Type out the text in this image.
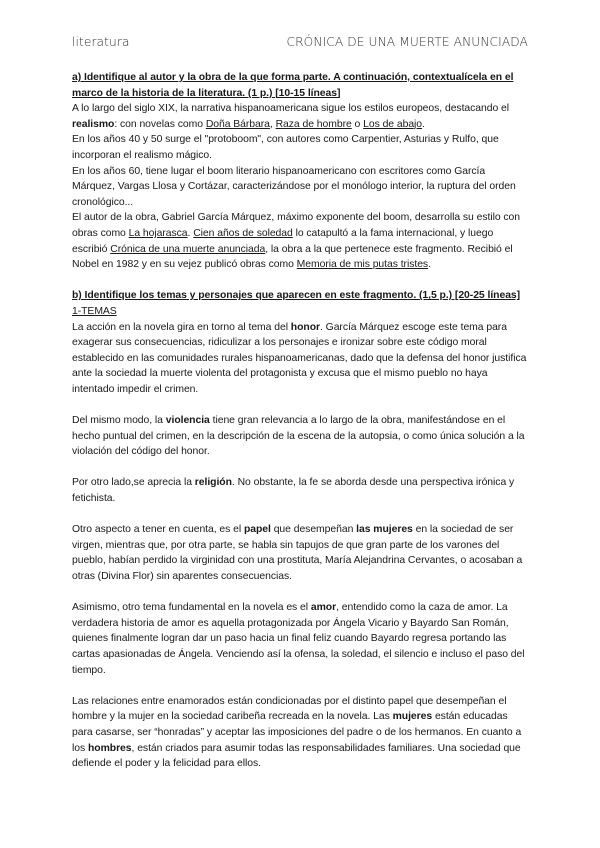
literatura	CRÓNICA DE UNA MUERTE ANUNCIADA

a) Identifique al autor y la obra de la que forma parte. A continuación, contextualícela en el marco de la historia de la literatura. (1 p.) [10-15 líneas]

A lo largo del siglo XIX, la narrativa hispanoamericana sigue los estilos europeos, destacando el realismo: con novelas como Doña Bárbara, Raza de hombre o Los de abajo.

En los años 40 y 50 surge el "protoboom", con autores como Carpentier, Asturias y Rulfo, que incorporan el realismo mágico.

En los años 60, tiene lugar el boom literario hispanoamericano con escritores como García Márquez, Vargas Llosa y Cortázar, caracterizándose por el monólogo interior, la ruptura del orden cronológico...

El autor de la obra, Gabriel García Márquez, máximo exponente del boom, desarrolla su estilo con obras como La hojarasca. Cien años de soledad lo catapultó a la fama internacional, y luego escribió Crónica de una muerte anunciada, la obra a la que pertenece este fragmento. Recibió el Nobel en 1982 y en su vejez publicó obras como Memoria de mis putas tristes.

b) Identifique los temas y personajes que aparecen en este fragmento. (1,5 p.) [20-25 líneas]

1-TEMAS

La acción en la novela gira en torno al tema del honor. García Márquez escoge este tema para exagerar sus consecuencias, ridiculizar a los personajes e ironizar sobre este código moral establecido en las comunidades rurales hispanoamericanas, dado que la defensa del honor justifica ante la sociedad la muerte violenta del protagonista y excusa que el mismo pueblo no haya intentado impedir el crimen.

Del mismo modo, la violencia tiene gran relevancia a lo largo de la obra, manifestándose en el hecho puntual del crimen, en la descripción de la escena de la autopsia, o como única solución a la violación del código del honor.

Por otro lado,se aprecia la religión. No obstante, la fe se aborda desde una perspectiva irónica y fetichista.

Otro aspecto a tener en cuenta, es el papel que desempeñan las mujeres en la sociedad de ser virgen, mientras que, por otra parte, se habla sin tapujos de que gran parte de los varones del pueblo, habían perdido la virginidad con una prostituta, María Alejandrina Cervantes, o acosaban a otras (Divina Flor) sin aparentes consecuencias.

Asimismo, otro tema fundamental en la novela es el amor, entendido como la caza de amor. La verdadera historia de amor es aquella protagonizada por Ángela Vicario y Bayardo San Román, quienes finalmente logran dar un paso hacia un final feliz cuando Bayardo regresa portando las cartas apasionadas de Ángela. Venciendo así la ofensa, la soledad, el silencio e incluso el paso del tiempo.

Las relaciones entre enamorados están condicionadas por el distinto papel que desempeñan el hombre y la mujer en la sociedad caribeña recreada en la novela. Las mujeres están educadas para casarse, ser “honradas” y aceptar las imposiciones del padre o de los hermanos. En cuanto a los hombres, están criados para asumir todas las responsabilidades familiares. Una sociedad que defiende el poder y la felicidad para ellos.
